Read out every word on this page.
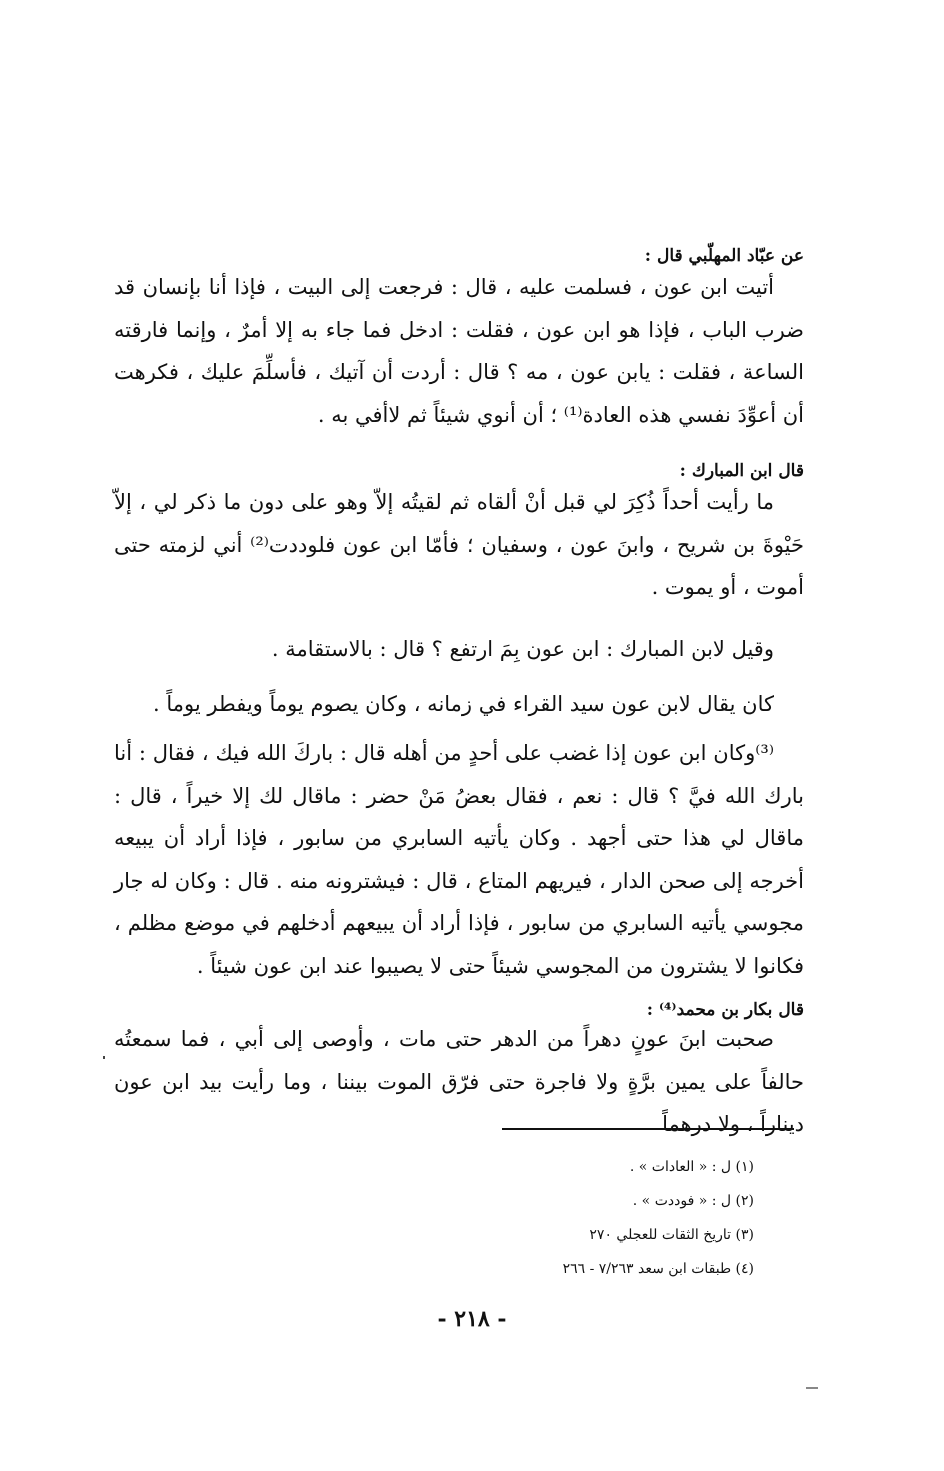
عن عبّاد المهلّبي قال :

أتيت ابن عون ، فسلمت عليه ، قال : فرجعت إلى البيت ، فإذا أنا بإنسان قد ضرب الباب ، فإذا هو ابن عون ، فقلت : ادخل فما جاء به إلا أمرٌ ، وإنما فارقته الساعة ، فقلت : يابن عون ، مه ؟ قال : أردت أن آتيك ، فأسلِّمَ عليك ، فكرهت أن أعوِّدَ نفسي هذه العادة⁽¹⁾ ؛ أن أنوي شيئاً ثم لاأفي به .

قال ابن المبارك :

ما رأيت أحداً ذُكِرَ لي قبل أنْ ألقاه ثم لقيتُه إلاّ وهو على دون ما ذكر لي ، إلاّ حَيْوةَ بن شريح ، وابنَ عون ، وسفيان ؛ فأمّا ابن عون فلوددت⁽²⁾ أني لزمته حتى أموت ، أو يموت .

وقيل لابن المبارك : ابن عون بِمَ ارتفع ؟ قال : بالاستقامة .

كان يقال لابن عون سيد القراء في زمانه ، وكان يصوم يوماً ويفطر يوماً .

⁽³⁾وكان ابن عون إذا غضب على أحدٍ من أهله قال : باركَ الله فيك ، فقال : أنا بارك الله فيَّ ؟ قال : نعم ، فقال بعضُ مَنْ حضر : ماقال لك إلا خيراً ، قال : ماقال لي هذا حتى أجهد . وكان يأتيه السابري من سابور ، فإذا أراد أن يبيعه أخرجه إلى صحن الدار ، فيريهم المتاع ، قال : فيشترونه منه . قال : وكان له جار مجوسي يأتيه السابري من سابور ، فإذا أراد أن يبيعهم أدخلهم في موضع مظلم ، فكانوا لا يشترون من المجوسي شيئاً حتى لا يصيبوا عند ابن عون شيئاً .

قال بكار بن محمد⁽⁴⁾ :

صحبت ابنَ عونٍ دهراً من الدهر حتى مات ، وأوصى إلى أبي ، فما سمعتُه حالفاً على يمين برَّةٍ ولا فاجرة حتى فرّق الموت بيننا ، وما رأيت بيد ابن عون ديناراً ، ولا درهماً

(١) ل : « العادات » .
(٢) ل : « فوددت » .
(٣) تاريخ الثقات للعجلي ٢٧٠
(٤) طبقات ابن سعد ٧/٢٦٣ - ٢٦٦
- ٢١٨ -
